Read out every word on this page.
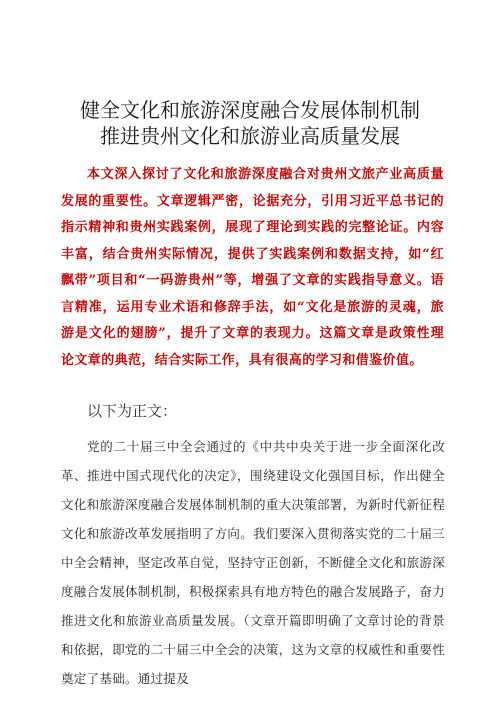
健全文化和旅游深度融合发展体制机制
推进贵州文化和旅游业高质量发展
本文深入探讨了文化和旅游深度融合对贵州文旅产业高质量发展的重要性。文章逻辑严密，论据充分，引用习近平总书记的指示精神和贵州实践案例，展现了理论到实践的完整论证。内容丰富，结合贵州实际情况，提供了实践案例和数据支持，如“红飘带”项目和“一码游贵州”等，增强了文章的实践指导意义。语言精准，运用专业术语和修辞手法，如“文化是旅游的灵魂，旅游是文化的翅膀”，提升了文章的表现力。这篇文章是政策性理论文章的典范，结合实际工作，具有很高的学习和借鉴价值。
以下为正文：
党的二十届三中全会通过的《中共中央关于进一步全面深化改革、推进中国式现代化的决定》，围绕建设文化强国目标，作出健全文化和旅游深度融合发展体制机制的重大决策部署，为新时代新征程文化和旅游改革发展指明了方向。我们要深入贯彻落实党的二十届三中全会精神，坚定改革自觉，坚持守正创新，不断健全文化和旅游深度融合发展体制机制，积极探索具有地方特色的融合发展路子，奋力推进文化和旅游业高质量发展。（文章开篇即明确了文章讨论的背景和依据，即党的二十届三中全会的决策，这为文章的权威性和重要性奠定了基础。通过提及
